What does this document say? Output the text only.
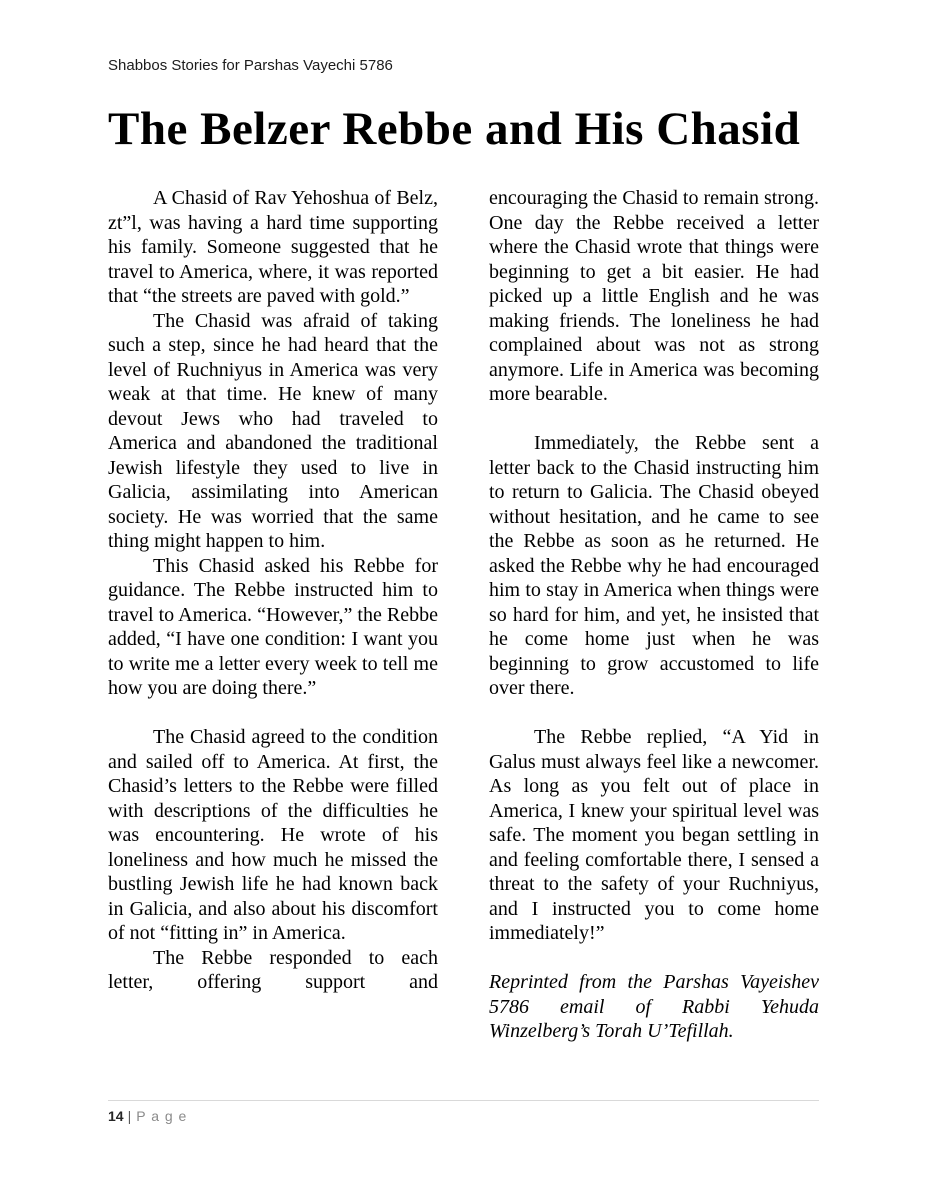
Shabbos Stories for Parshas Vayechi 5786
The Belzer Rebbe and His Chasid

A Chasid of Rav Yehoshua of Belz, zt”l, was having a hard time supporting his family. Someone suggested that he travel to America, where, it was reported that “the streets are paved with gold.”

The Chasid was afraid of taking such a step, since he had heard that the level of Ruchniyus in America was very weak at that time. He knew of many devout Jews who had traveled to America and abandoned the traditional Jewish lifestyle they used to live in Galicia, assimilating into American society. He was worried that the same thing might happen to him.

This Chasid asked his Rebbe for guidance. The Rebbe instructed him to travel to America. “However,” the Rebbe added, “I have one condition: I want you to write me a letter every week to tell me how you are doing there.”

The Chasid agreed to the condition and sailed off to America. At first, the Chasid’s letters to the Rebbe were filled with descriptions of the difficulties he was encountering. He wrote of his loneliness and how much he missed the bustling Jewish life he had known back in Galicia, and also about his discomfort of not “fitting in” in America.

The Rebbe responded to each letter, offering support and

encouraging the Chasid to remain strong. One day the Rebbe received a letter where the Chasid wrote that things were beginning to get a bit easier. He had picked up a little English and he was making friends. The loneliness he had complained about was not as strong anymore. Life in America was becoming more bearable.

Immediately, the Rebbe sent a letter back to the Chasid instructing him to return to Galicia. The Chasid obeyed without hesitation, and he came to see the Rebbe as soon as he returned. He asked the Rebbe why he had encouraged him to stay in America when things were so hard for him, and yet, he insisted that he come home just when he was beginning to grow accustomed to life over there.

The Rebbe replied, “A Yid in Galus must always feel like a newcomer. As long as you felt out of place in America, I knew your spiritual level was safe. The moment you began settling in and feeling comfortable there, I sensed a threat to the safety of your Ruchniyus, and I instructed you to come home immediately!”

Reprinted from the Parshas Vayeishev 5786 email of Rabbi Yehuda Winzelberg’s Torah U’Tefillah.

14 | P a g e
